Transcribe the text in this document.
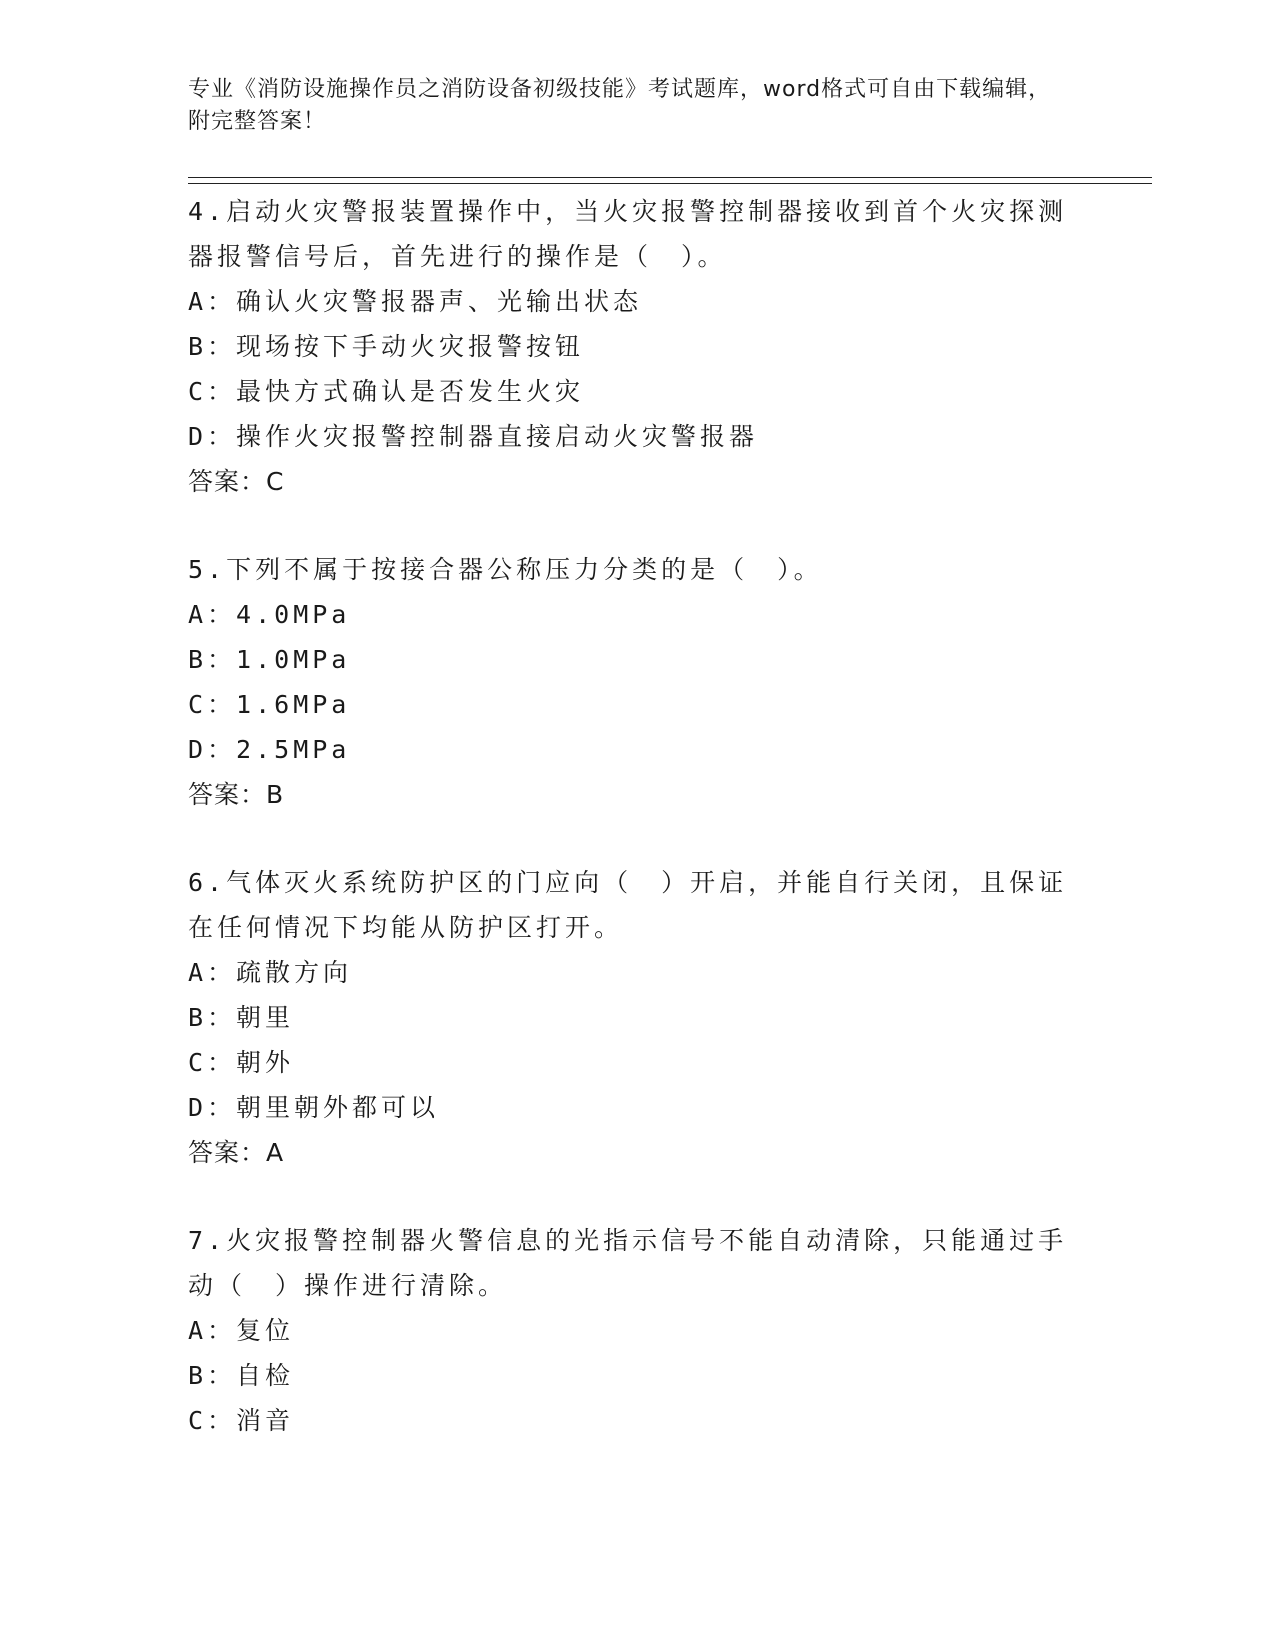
专业《消防设施操作员之消防设备初级技能》考试题库，word格式可自由下载编辑，附完整答案！
4.启动火灾警报装置操作中，当火灾报警控制器接收到首个火灾探测器报警信号后，首先进行的操作是（　）。
A：确认火灾警报器声、光输出状态
B：现场按下手动火灾报警按钮
C：最快方式确认是否发生火灾
D：操作火灾报警控制器直接启动火灾警报器
答案：C
5.下列不属于按接合器公称压力分类的是（　）。
A：4.0MPa
B：1.0MPa
C：1.6MPa
D：2.5MPa
答案：B
6.气体灭火系统防护区的门应向（　）开启，并能自行关闭，且保证在任何情况下均能从防护区打开。
A：疏散方向
B：朝里
C：朝外
D：朝里朝外都可以
答案：A
7.火灾报警控制器火警信息的光指示信号不能自动清除，只能通过手动（　）操作进行清除。
A：复位
B：自检
C：消音
